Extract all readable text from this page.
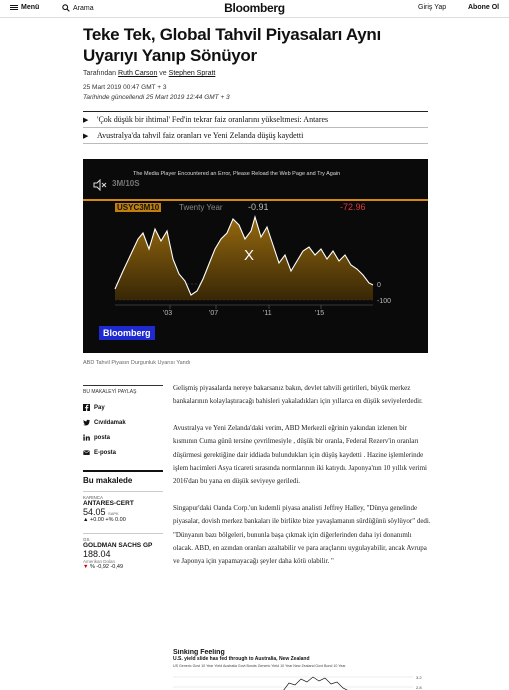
Menü	Arama	Bloomberg	Giriş Yap	Abone Ol
Teke Tek, Global Tahvil Piyasaları Aynı Uyarıyı Yanıp Sönüyor
Tarafından Ruth Carson ve Stephen Spratt
25 Mart 2019 00:47 GMT + 3
Tarihinde güncellendi 25 Mart 2019 12:44 GMT + 3
▶	'Çok düşük bir ihtimal' Fed'in tekrar faiz oranlarını yükseltmesi: Antares
▶	Avustralya'da tahvil faiz oranları ve Yeni Zelanda düşüş kaydetti
The Media Player Encountered an Error, Please Reload the Web Page and Try Again
3M/10S
USYC3M10 Twenty Year	-0.91	-72.96
'03	'07	'11	'15
0
-100
X
Bloomberg
ABD Tahvil Piyasın Durgunluk Uyarısı Yandı
BU MAKALEYİ PAYLAŞ
Pay
Cıvıldamak
posta
E-posta
Bu makalede
KARINCA
ANTARES-CERT
54.05 SAPK
▲ +0.00 +% 0.00
GS
GOLDMAN SACHS GP
188.04
Amerikan Doları
▼ % -0,92 -0,49

Gelişmiş piyasalarda nereye bakarsanız bakın, devlet tahvili getirileri, büyük merkez bankalarının kolaylaştıracağı bahisleri yakaladıkları için yıllarca en düşük seviyelerdedir.

Avustralya ve Yeni Zelanda'daki verim, ABD Merkezli eğrinin yakından izlenen bir kısmının Cuma günü tersine çevrilmesiyle , düşük bir oranla, Federal Rezerv'in oranları düşürmesi gerektiğine dair iddiada bulundukları için düşüş kaydetti . Hazine işlemlerinde işlem hacimleri Asya ticareti sırasında normlarının iki katıydı. Japonya'nın 10 yıllık verimi 2016'dan bu yana en düşük seviyeye geriledi.

Singapur'daki Oanda Corp.'un kıdemli piyasa analisti Jeffrey Halley, "Dünya genelinde piyasalar, dovish merkez bankaları ile birlikte bize yavaşlamanın sürdüğünü söylüyor" dedi. "Dünyanın bazı bölgeleri, bununla başa çıkmak için diğerlerinden daha iyi donanımlı olacak. ABD, en azından oranları azaltabilir ve para araçlarını uygulayabilir, ancak Avrupa ve Japonya için yapamayacağı şeyler daha kötü olabilir. "

Sinking Feeling
U.S. yield slide has fed through to Australia, New Zealand
US Generic Govt 10 Year Yield Australia Govt Bonds Generic Yield 10 Year New Zealand Govt Bond 10 Year
3.2
2.8
